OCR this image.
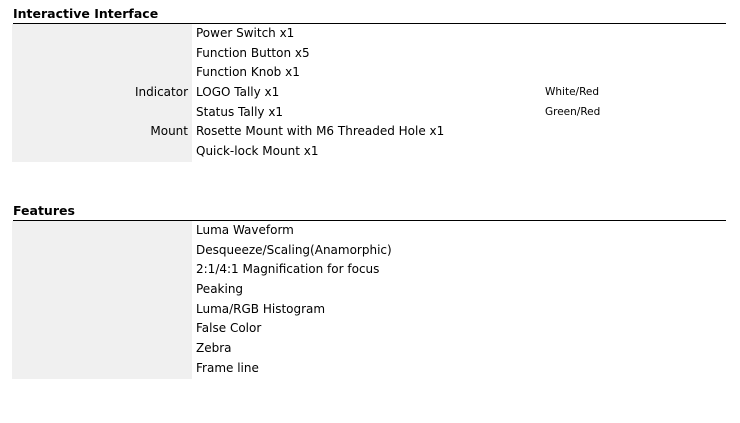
Interactive Interface
Power Switch x1
Function Button x5
Function Knob x1
Indicator LOGO Tally x1	White/Red
Status Tally x1	Green/Red
Mount Rosette Mount with M6 Threaded Hole x1
Quick-lock Mount x1
Features
Luma Waveform
Desqueeze/Scaling(Anamorphic)
2:1/4:1 Magnification for focus
Peaking
Luma/RGB Histogram
False Color
Zebra
Frame line
